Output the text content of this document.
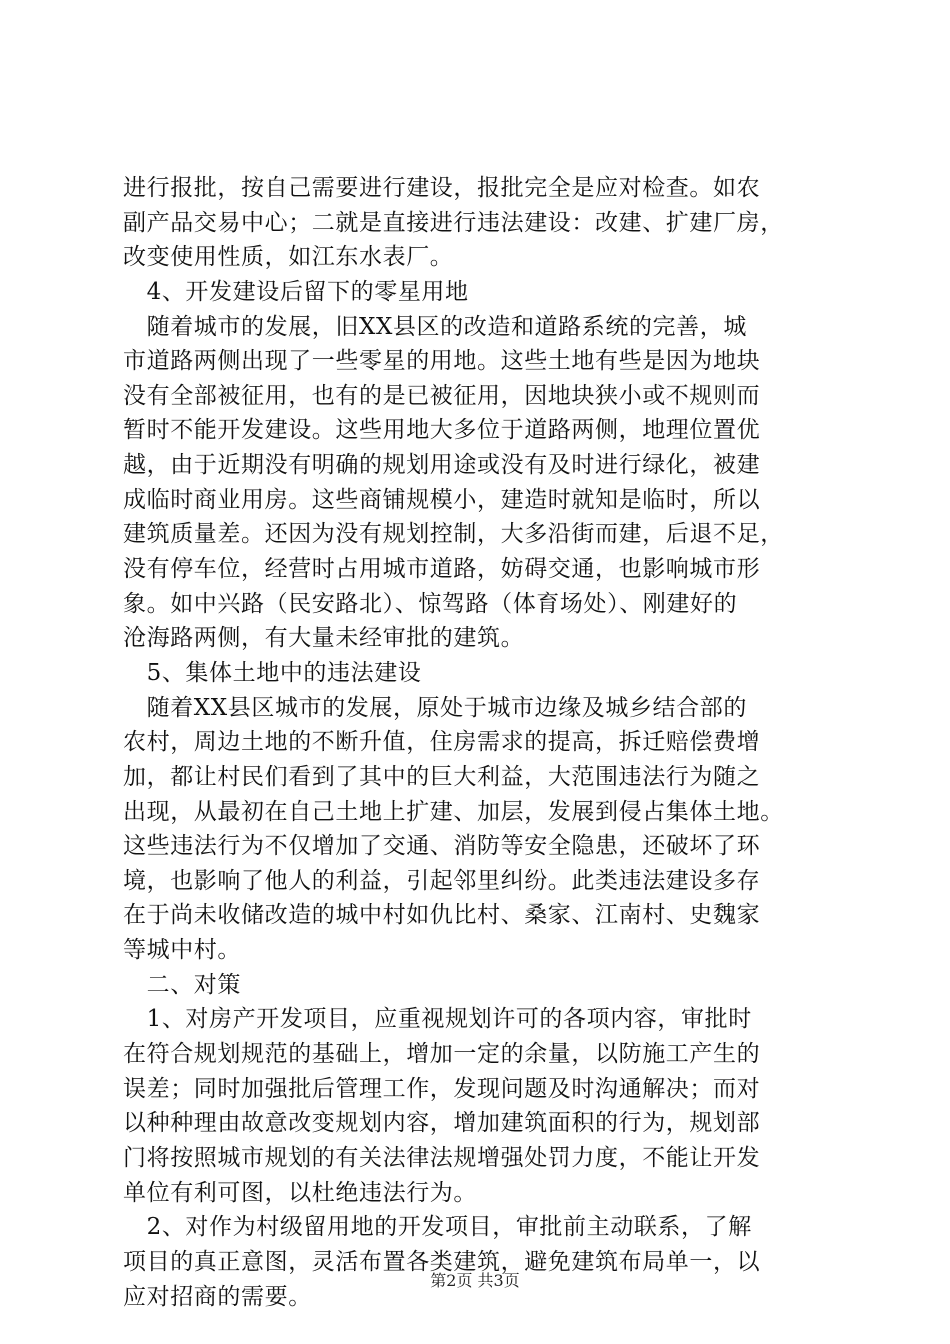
进行报批，按自己需要进行建设，报批完全是应对检查。如农
副产品交易中心；二就是直接进行违法建设：改建、扩建厂房，
改变使用性质，如江东水表厂。
　4、开发建设后留下的零星用地
　随着城市的发展，旧XX县区的改造和道路系统的完善，城
市道路两侧出现了一些零星的用地。这些土地有些是因为地块
没有全部被征用，也有的是已被征用，因地块狭小或不规则而
暂时不能开发建设。这些用地大多位于道路两侧，地理位置优
越，由于近期没有明确的规划用途或没有及时进行绿化，被建
成临时商业用房。这些商铺规模小，建造时就知是临时，所以
建筑质量差。还因为没有规划控制，大多沿街而建，后退不足，
没有停车位，经营时占用城市道路，妨碍交通，也影响城市形
象。如中兴路（民安路北）、惊驾路（体育场处）、刚建好的
沧海路两侧，有大量未经审批的建筑。
　5、集体土地中的违法建设
　随着XX县区城市的发展，原处于城市边缘及城乡结合部的
农村，周边土地的不断升值，住房需求的提高，拆迁赔偿费增
加，都让村民们看到了其中的巨大利益，大范围违法行为随之
出现，从最初在自己土地上扩建、加层，发展到侵占集体土地。
这些违法行为不仅增加了交通、消防等安全隐患，还破坏了环
境，也影响了他人的利益，引起邻里纠纷。此类违法建设多存
在于尚未收储改造的城中村如仇比村、桑家、江南村、史魏家
等城中村。
　二、对策
　1、对房产开发项目，应重视规划许可的各项内容，审批时
在符合规划规范的基础上，增加一定的余量，以防施工产生的
误差；同时加强批后管理工作，发现问题及时沟通解决；而对
以种种理由故意改变规划内容，增加建筑面积的行为，规划部
门将按照城市规划的有关法律法规增强处罚力度，不能让开发
单位有利可图，以杜绝违法行为。
　2、对作为村级留用地的开发项目，审批前主动联系，了解
项目的真正意图，灵活布置各类建筑，避免建筑布局单一，以
应对招商的需要。
第2页 共3页
